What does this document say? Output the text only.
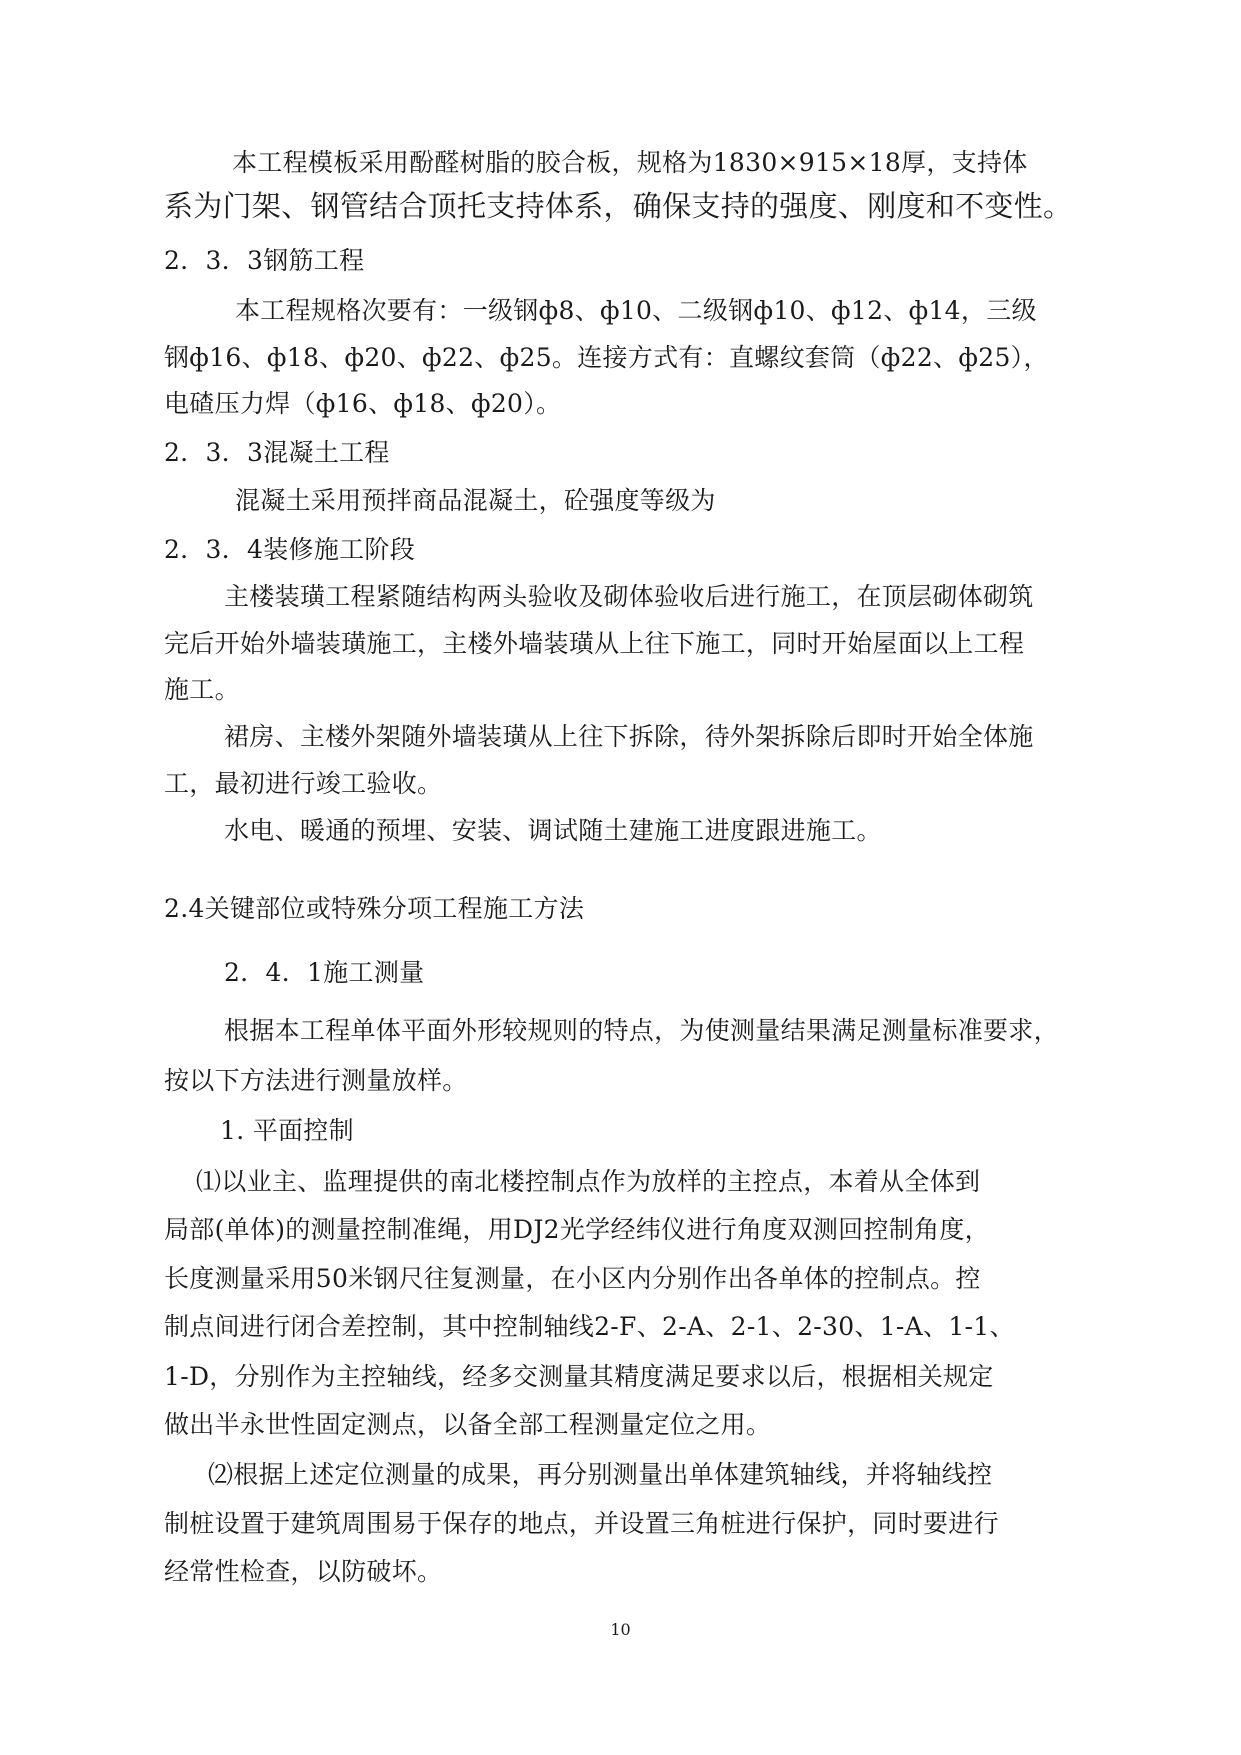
本工程模板采用酚醛树脂的胶合板，规格为1830×915×18厚，支持体
系为门架、钢管结合顶托支持体系，确保支持的强度、刚度和不变性。
2．3．3钢筋工程
本工程规格次要有：一级钢ф8、ф10、二级钢ф10、ф12、ф14，三级
钢ф16、ф18、ф20、ф22、ф25。连接方式有：直螺纹套筒（ф22、ф25），
电碴压力焊（ф16、ф18、ф20）。
2．3．3混凝土工程
混凝土采用预拌商品混凝土，砼强度等级为
2．3．4装修施工阶段
主楼装璜工程紧随结构两头验收及砌体验收后进行施工，在顶层砌体砌筑
完后开始外墙装璜施工，主楼外墙装璜从上往下施工，同时开始屋面以上工程
施工。
裙房、主楼外架随外墙装璜从上往下拆除，待外架拆除后即时开始全体施
工，最初进行竣工验收。
水电、暖通的预埋、安装、调试随土建施工进度跟进施工。
2.4关键部位或特殊分项工程施工方法
2．4．1施工测量
根据本工程单体平面外形较规则的特点，为使测量结果满足测量标准要求，
按以下方法进行测量放样。
1. 平面控制
⑴以业主、监理提供的南北楼控制点作为放样的主控点，本着从全体到
局部(单体)的测量控制准绳，用DJ2光学经纬仪进行角度双测回控制角度，
长度测量采用50米钢尺往复测量，在小区内分别作出各单体的控制点。控
制点间进行闭合差控制，其中控制轴线2-F、2-A、2-1、2-30、1-A、1-1、
1-D，分别作为主控轴线，经多交测量其精度满足要求以后，根据相关规定
做出半永世性固定测点，以备全部工程测量定位之用。
⑵根据上述定位测量的成果，再分别测量出单体建筑轴线，并将轴线控
制桩设置于建筑周围易于保存的地点，并设置三角桩进行保护，同时要进行
经常性检查，以防破坏。
10
